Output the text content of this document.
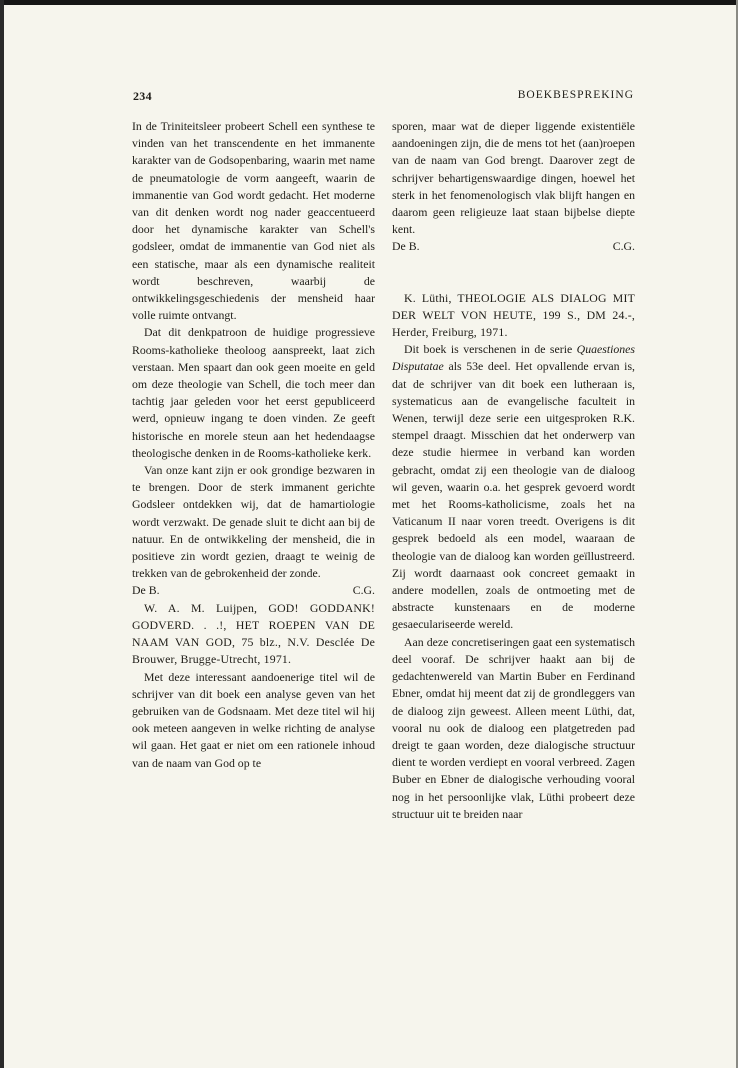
234	BOEKBESPREKING

In de Triniteitsleer probeert Schell een synthese te vinden van het transcendente en het immanente karakter van de Godsopenbaring, waarin met name de pneumatologie de vorm aangeeft, waarin de immanentie van God wordt gedacht. Het moderne van dit denken wordt nog nader geaccentueerd door het dynamische karakter van Schell's godsleer, omdat de immanentie van God niet als een statische, maar als een dynamische realiteit wordt beschreven, waarbij de ontwikkelingsgeschiedenis der mensheid haar volle ruimte ontvangt.

Dat dit denkpatroon de huidige progressieve Rooms-katholieke theoloog aanspreekt, laat zich verstaan. Men spaart dan ook geen moeite en geld om deze theologie van Schell, die toch meer dan tachtig jaar geleden voor het eerst gepubliceerd werd, opnieuw ingang te doen vinden. Ze geeft historische en morele steun aan het hedendaagse theologische denken in de Rooms-katholieke kerk.

Van onze kant zijn er ook grondige bezwaren in te brengen. Door de sterk immanent gerichte Godsleer ontdekken wij, dat de hamartiologie wordt verzwakt. De genade sluit te dicht aan bij de natuur. En de ontwikkeling der mensheid, die in positieve zin wordt gezien, draagt te weinig de trekken van de gebrokenheid der zonde.

De B.	C.G.

W. A. M. Luijpen, GOD! GODDANK! GODVERD. . .!, HET ROEPEN VAN DE NAAM VAN GOD, 75 blz., N.V. Desclée De Brouwer, Brugge-Utrecht, 1971.

Met deze interessant aandoenerige titel wil de schrijver van dit boek een analyse geven van het gebruiken van de Godsnaam. Met deze titel wil hij ook meteen aangeven in welke richting de analyse wil gaan. Het gaat er niet om een rationele inhoud van de naam van God op te

sporen, maar wat de dieper liggende existentiële aandoeningen zijn, die de mens tot het (aan)roepen van de naam van God brengt. Daarover zegt de schrijver behartigenswaardige dingen, hoewel het sterk in het fenomenologisch vlak blijft hangen en daarom geen religieuze laat staan bijbelse diepte kent.

De B.	C.G.

K. Lüthi, THEOLOGIE ALS DIALOG MIT DER WELT VON HEUTE, 199 S., DM 24.-, Herder, Freiburg, 1971.

Dit boek is verschenen in de serie Quaestiones Disputatae als 53e deel. Het opvallende ervan is, dat de schrijver van dit boek een lutheraan is, systematicus aan de evangelische faculteit in Wenen, terwijl deze serie een uitgesproken R.K. stempel draagt. Misschien dat het onderwerp van deze studie hiermee in verband kan worden gebracht, omdat zij een theologie van de dialoog wil geven, waarin o.a. het gesprek gevoerd wordt met het Rooms-katholicisme, zoals het na Vaticanum II naar voren treedt. Overigens is dit gesprek bedoeld als een model, waaraan de theologie van de dialoog kan worden geïllustreerd. Zij wordt daarnaast ook concreet gemaakt in andere modellen, zoals de ontmoeting met de abstracte kunstenaars en de moderne gesaeculariseerde wereld.

Aan deze concretiseringen gaat een systematisch deel vooraf. De schrijver haakt aan bij de gedachtenwereld van Martin Buber en Ferdinand Ebner, omdat hij meent dat zij de grondleggers van de dialoog zijn geweest. Alleen meent Lüthi, dat, vooral nu ook de dialoog een platgetreden pad dreigt te gaan worden, deze dialogische structuur dient te worden verdiept en vooral verbreed. Zagen Buber en Ebner de dialogische verhouding vooral nog in het persoonlijke vlak, Lüthi probeert deze structuur uit te breiden naar
